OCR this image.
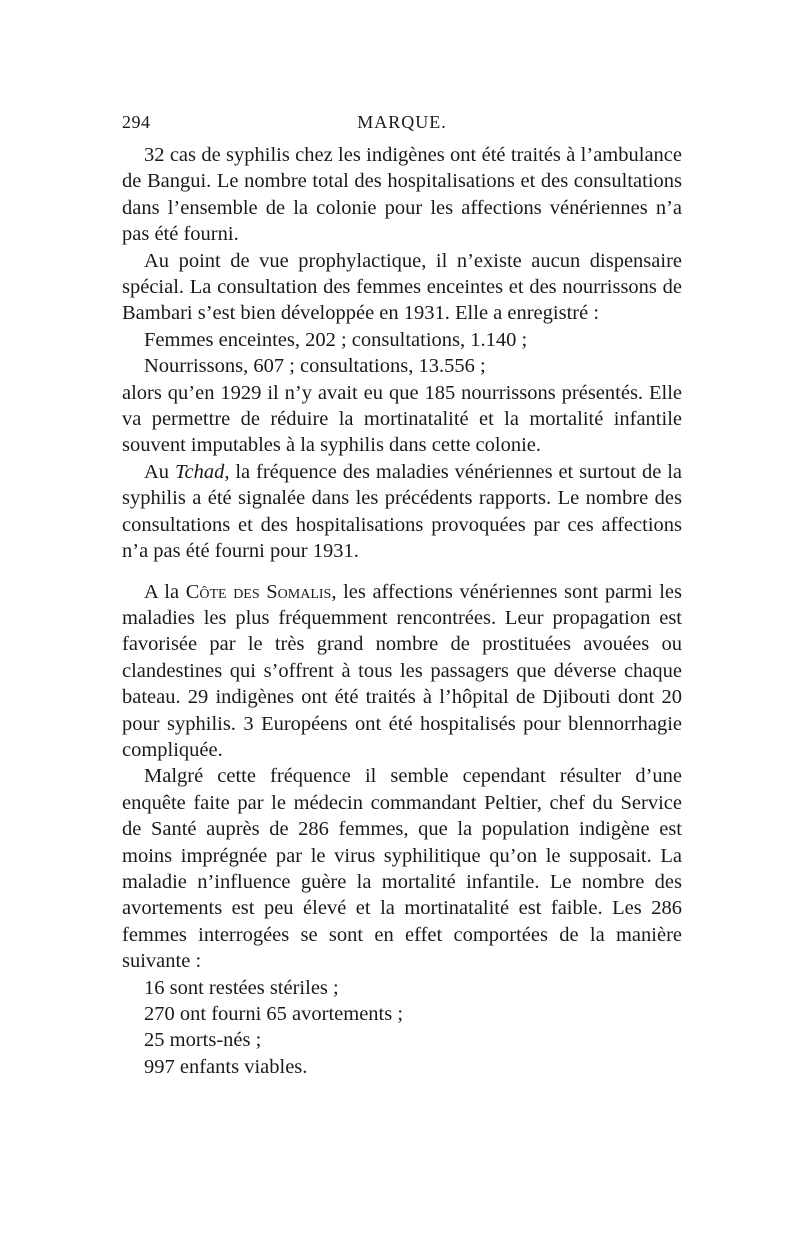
294	MARQUE.

32 cas de syphilis chez les indigènes ont été traités à l’ambulance de Bangui. Le nombre total des hospitalisations et des consultations dans l’ensemble de la colonie pour les affections vénériennes n’a pas été fourni.

Au point de vue prophylactique, il n’existe aucun dispensaire spécial. La consultation des femmes enceintes et des nourrissons de Bambari s’est bien développée en 1931. Elle a enregistré :

Femmes enceintes, 202 ; consultations, 1.140 ;

Nourrissons, 607 ; consultations, 13.556 ;

alors qu’en 1929 il n’y avait eu que 185 nourrissons présentés. Elle va permettre de réduire la mortinatalité et la mortalité infantile souvent imputables à la syphilis dans cette colonie.

Au Tchad, la fréquence des maladies vénériennes et surtout de la syphilis a été signalée dans les précédents rapports. Le nombre des consultations et des hospitalisations provoquées par ces affections n’a pas été fourni pour 1931.

A la Côte des Somalis, les affections vénériennes sont parmi les maladies les plus fréquemment rencontrées. Leur propagation est favorisée par le très grand nombre de prostituées avouées ou clandestines qui s’offrent à tous les passagers que déverse chaque bateau. 29 indigènes ont été traités à l’hôpital de Djibouti dont 20 pour syphilis. 3 Européens ont été hospitalisés pour blennorrhagie compliquée.

Malgré cette fréquence il semble cependant résulter d’une enquête faite par le médecin commandant Peltier, chef du Service de Santé auprès de 286 femmes, que la population indigène est moins imprégnée par le virus syphilitique qu’on le supposait. La maladie n’influence guère la mortalité infantile. Le nombre des avortements est peu élevé et la mortinatalité est faible. Les 286 femmes interrogées se sont en effet comportées de la manière suivante :

16 sont restées stériles ;

270 ont fourni 65 avortements ;

25 morts-nés ;

997 enfants viables.
